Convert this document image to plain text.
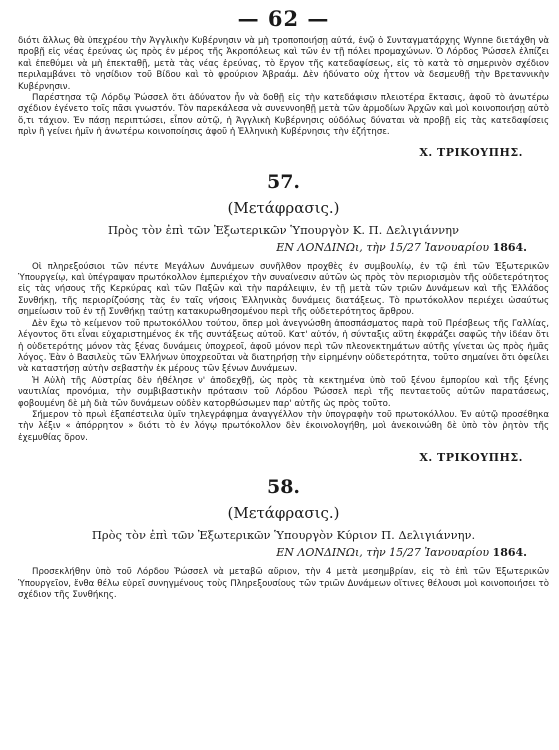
— 62 —

διότι ἄλλως θὰ ὑπεχρέου τὴν Ἀγγλικὴν Κυβέρνησιν νὰ μὴ τροποποιήσῃ αὐτά, ἐνῷ ὁ Συνταγματάρχης Wynne διετάχθη νὰ προβῇ εἰς νέας ἐρεύνας ὡς πρὸς ἐν μέρος τῆς Ἀκροπόλεως καὶ τῶν ἐν τῇ πόλει προμαχώνων. Ὁ Λόρδος Ῥώσσελ ἐλπίζει καὶ ἐπεθύμει νὰ μὴ ἐπεκταθῇ, μετὰ τὰς νέας ἐρεύνας, τὸ ἔργον τῆς κατεδαφίσεως, εἰς τὸ κατὰ τὸ σημερινὸν σχέδιον περιλαμβάνει τὸ νησίδιον τοῦ Βίδου καὶ τὸ φρούριον Ἀβραάμ. Δὲν ἠδύνατο οὐχ ἧττον νὰ δεσμευθῇ τὴν Βρεταννικὴν Κυβέρνησιν.

Παρέστησα τῷ Λόρδῳ Ῥώσσελ ὅτι ἀδύνατον ἦν νὰ δοθῇ εἰς τὴν κατεδάφισιν πλειοτέρα ἔκτασις, ἀφοῦ τὸ ἀνωτέρω σχέδιον ἐγένετο τοῖς πᾶσι γνωστόν. Τὸν παρεκάλεσα νὰ συνεννοηθῇ μετὰ τῶν ἁρμοδίων Ἀρχῶν καὶ μοὶ κοινοποιήσῃ αὐτὸ ὅ,τι τάχιον. Ἐν πάσῃ περιπτώσει, εἶπον αὐτῷ, ἡ Ἀγγλικὴ Κυβέρνησις οὐδόλως δύναται νὰ προβῇ εἰς τὰς κατεδαφίσεις πρὶν ἢ γείνει ἡμῖν ἡ ἀνωτέρω κοινοποίησις ἀφοῦ ἡ Ἑλληνικὴ Κυβέρνησις τὴν ἐζήτησε.

Χ. ΤΡΙΚΟΥΠΗΣ.

57.
(Μετάφρασις.)
Πρὸς τὸν ἐπὶ τῶν Ἐξωτερικῶν Ὑπουργὸν Κ. Π. Δελιγιάννην
ΕΝ ΛΟΝΔΙΝΩι, τὴν 15/27 Ἰανουαρίου 1864.

Οἱ πληρεξούσιοι τῶν πέντε Μεγάλων Δυνάμεων συνῆλθον προχθὲς ἐν συμβουλίῳ, ἐν τῷ ἐπὶ τῶν Ἐξωτερικῶν Ὑπουργείῳ, καὶ ὑπέγραψαν πρωτόκολλον ἐμπεριέχον τὴν συναίνεσιν αὐτῶν ὡς πρὸς τὸν περιορισμὸν τῆς οὐδετερότητος εἰς τὰς νήσους τῆς Κερκύρας καὶ τῶν Παξῶν καὶ τὴν παράλειψιν, ἐν τῇ μετὰ τῶν τριῶν Δυνάμεων καὶ τῆς Ἑλλάδος Συνθήκῃ, τῆς περιορίζούσης τὰς ἐν ταῖς νήσοις Ἑλληνικὰς δυνάμεις διατάξεως. Τὸ πρωτόκολλον περιέχει ὡσαύτως σημείωσιν τοῦ ἐν τῇ Συνθήκῃ ταύτῃ κατακυρωθησομένου περὶ τῆς οὐδετερότητος ἄρθρου.

Δὲν ἔχω τὸ κείμενον τοῦ πρωτοκόλλου τούτου, ὅπερ μοὶ ἀνεγνώσθη ἀποσπάσματος παρὰ τοῦ Πρέσβεως τῆς Γαλλίας, λέγοντος ὅτι εἶναι εὐχαριστημένος ἐκ τῆς συντάξεως αὐτοῦ. Κατ' αὐτόν, ἡ σύνταξις αὕτη ἐκφράζει σαφῶς τὴν ἰδέαν ὅτι ἡ οὐδετερότης μόνον τὰς ξένας δυνάμεις ὑποχρεοῖ, ἀφοῦ μόνον περὶ τῶν πλεονεκτημάτων αὐτῆς γίνεται ὡς πρὸς ἡμᾶς λόγος. Ἐὰν ὁ Βασιλεὺς τῶν Ἑλλήνων ὑποχρεοῦται νὰ διατηρήσῃ τὴν εἰρημένην οὐδετερότητα, τοῦτο σημαίνει ὅτι ὀφείλει νὰ καταστήσῃ αὐτὴν σεβαστὴν ἐκ μέρους τῶν ξένων Δυνάμεων.

Ἡ Αὐλὴ τῆς Αὐστρίας δὲν ἠθέλησε ν' ἀποδεχθῇ, ὡς πρὸς τὰ κεκτημένα ὑπὸ τοῦ ξένου ἐμπορίου καὶ τῆς ξένης ναυτιλίας προνόμια, τὴν συμβιβαστικὴν πρότασιν τοῦ Λόρδου Ῥώσσελ περὶ τῆς πενταετοῦς αὐτῶν παρατάσεως, φοβουμένη δὲ μὴ διὰ τῶν δυνάμεων οὐδὲν κατορθώσωμεν παρ' αὐτῆς ὡς πρὸς τοῦτο.

Σήμερον τὸ πρωὶ ἐξαπέστειλα ὑμῖν τηλεγράφημα ἀναγγέλλον τὴν ὑπογραφὴν τοῦ πρωτοκόλλου. Ἐν αὐτῷ προσέθηκα τὴν λέξιν « ἀπόρρητον » διότι τὸ ἐν λόγῳ πρωτόκολλον δὲν ἐκοινολογήθη, μοὶ ἀνεκοινώθη δὲ ὑπὸ τὸν ῥητὸν τῆς ἐχεμυθίας ὅρον.

Χ. ΤΡΙΚΟΥΠΗΣ.

58.
(Μετάφρασις.)
Πρὸς τὸν ἐπὶ τῶν Ἐξωτερικῶν Ὑπουργὸν Κύριον Π. Δελιγιάννην.
ΕΝ ΛΟΝΔΙΝΩι, τὴν 15/27 Ἰανουαρίου 1864.

Προσεκλήθην ὑπὸ τοῦ Λόρδου Ῥώσσελ νὰ μεταβῶ αὔριον, τὴν 4 μετὰ μεσημβρίαν, εἰς τὸ ἐπὶ τῶν Ἐξωτερικῶν Ὑπουργεῖον, ἔνθα θέλω εὑρεῖ συνηγμένους τοὺς Πληρεξουσίους τῶν τριῶν Δυνάμεων οἵτινες θέλουσι μοὶ κοινοποιήσει τὸ σχέδιον τῆς Συνθήκης.
